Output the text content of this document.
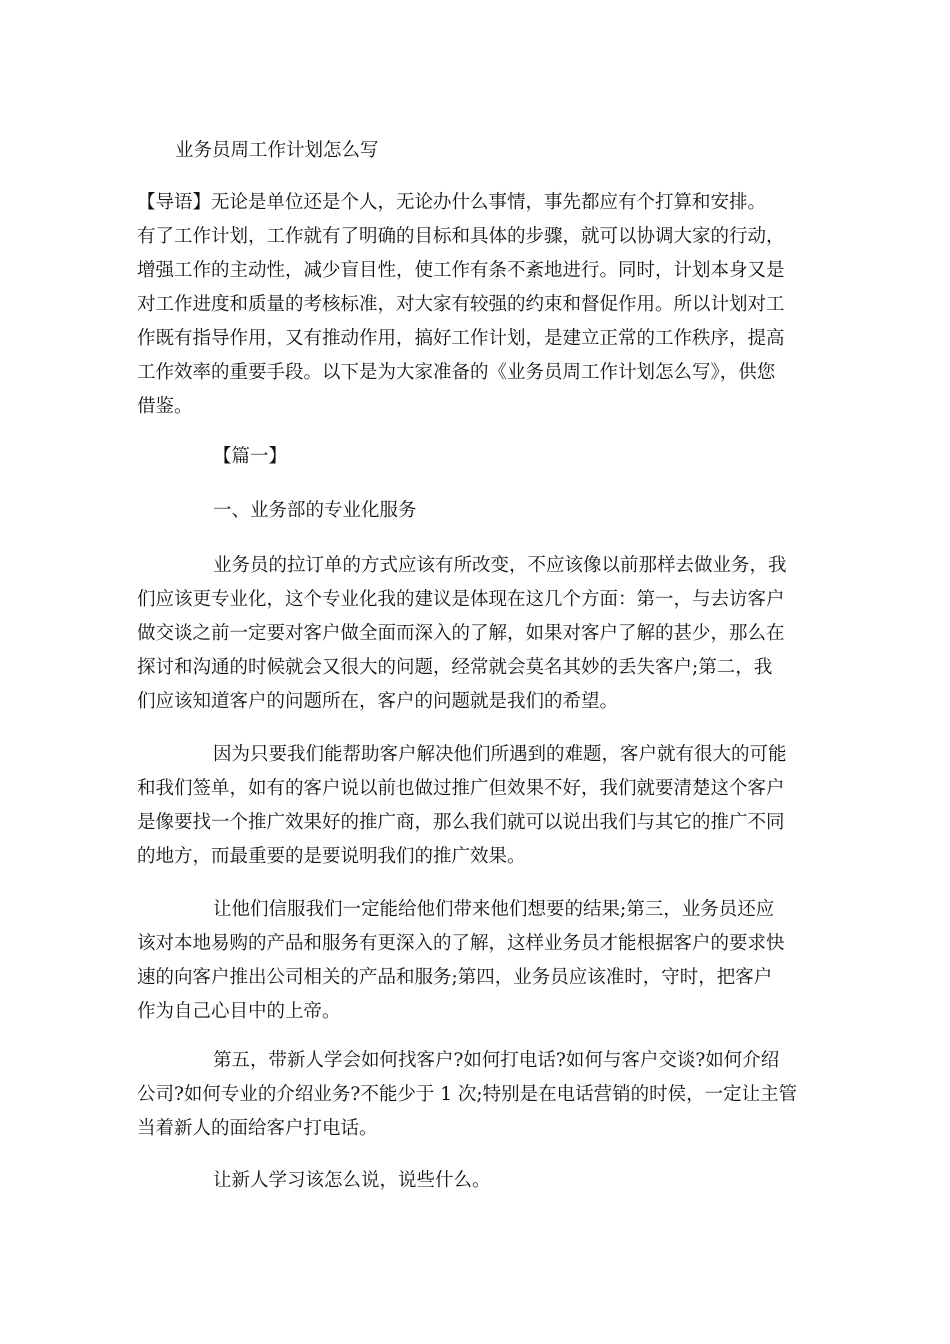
业务员周工作计划怎么写
【导语】无论是单位还是个人，无论办什么事情，事先都应有个打算和安排。
有了工作计划，工作就有了明确的目标和具体的步骤，就可以协调大家的行动，
增强工作的主动性，减少盲目性，使工作有条不紊地进行。同时，计划本身又是
对工作进度和质量的考核标准，对大家有较强的约束和督促作用。所以计划对工
作既有指导作用，又有推动作用，搞好工作计划，是建立正常的工作秩序，提高
工作效率的重要手段。以下是为大家准备的《业务员周工作计划怎么写》，供您
借鉴。
【篇一】
一、业务部的专业化服务
业务员的拉订单的方式应该有所改变，不应该像以前那样去做业务，我
们应该更专业化，这个专业化我的建议是体现在这几个方面：第一，与去访客户
做交谈之前一定要对客户做全面而深入的了解，如果对客户了解的甚少，那么在
探讨和沟通的时候就会又很大的问题，经常就会莫名其妙的丢失客户;第二，我
们应该知道客户的问题所在，客户的问题就是我们的希望。
因为只要我们能帮助客户解决他们所遇到的难题，客户就有很大的可能
和我们签单，如有的客户说以前也做过推广但效果不好，我们就要清楚这个客户
是像要找一个推广效果好的推广商，那么我们就可以说出我们与其它的推广不同
的地方，而最重要的是要说明我们的推广效果。
让他们信服我们一定能给他们带来他们想要的结果;第三，业务员还应
该对本地易购的产品和服务有更深入的了解，这样业务员才能根据客户的要求快
速的向客户推出公司相关的产品和服务;第四，业务员应该准时，守时，把客户
作为自己心目中的上帝。
第五，带新人学会如何找客户?如何打电话?如何与客户交谈?如何介绍
公司?如何专业的介绍业务?不能少于 1 次;特别是在电话营销的时侯，一定让主管
当着新人的面给客户打电话。
让新人学习该怎么说，说些什么。
